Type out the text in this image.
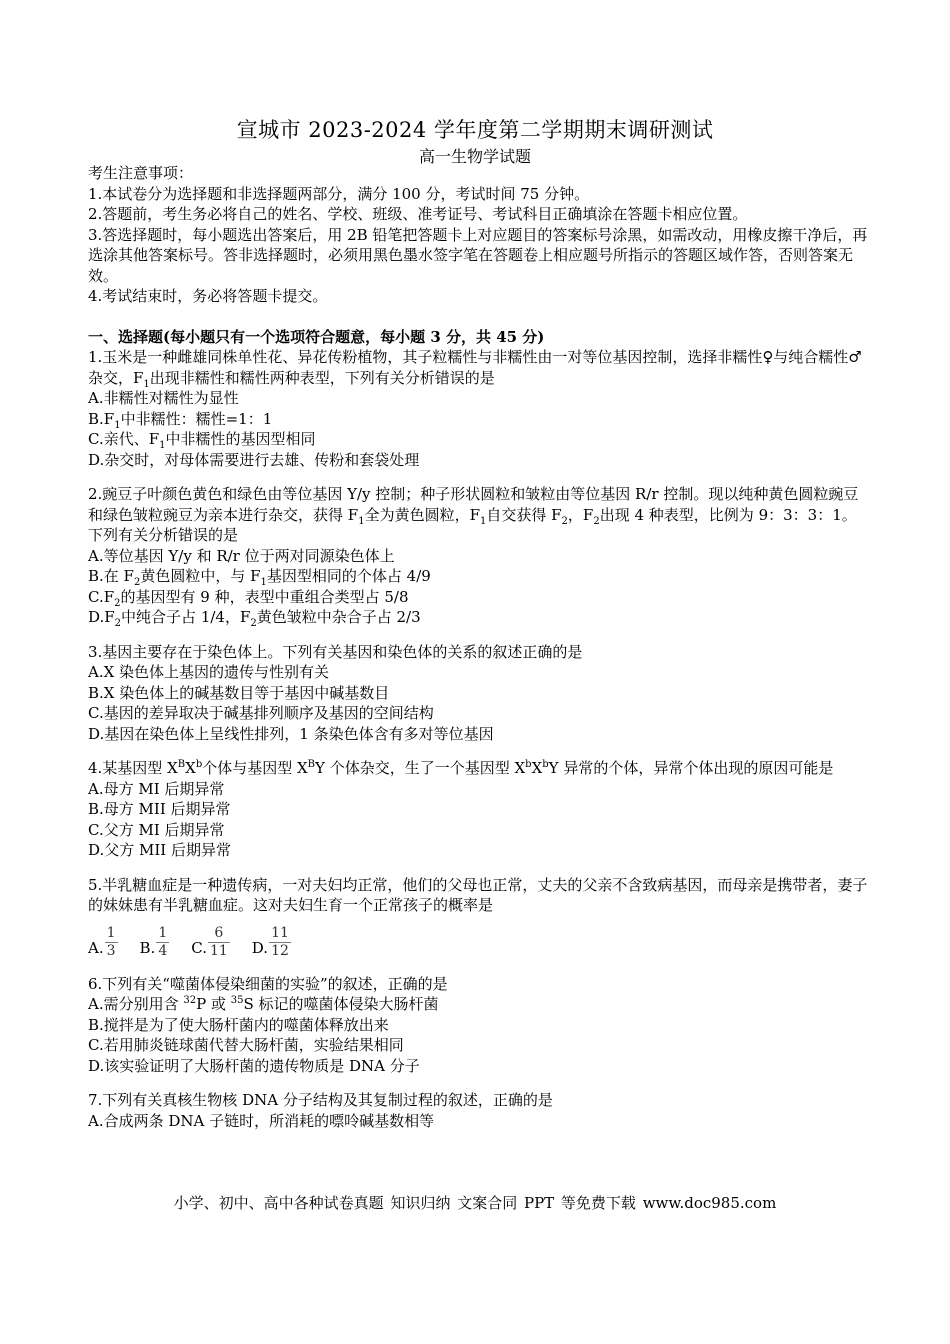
宣城市 2023-2024 学年度第二学期期末调研测试
高一生物学试题
考生注意事项：
1.本试卷分为选择题和非选择题两部分，满分 100 分，考试时间 75 分钟。
2.答题前，考生务必将自己的姓名、学校、班级、准考证号、考试科目正确填涂在答题卡相应位置。
3.答选择题时，每小题选出答案后，用 2B 铅笔把答题卡上对应题目的答案标号涂黑，如需改动，用橡皮擦干净后，再选涂其他答案标号。答非选择题时，必须用黑色墨水签字笔在答题卷上相应题号所指示的答题区域作答，否则答案无效。
4.考试结束时，务必将答题卡提交。
一、选择题(每小题只有一个选项符合题意，每小题 3 分，共 45 分)
1.玉米是一种雌雄同株单性花、异花传粉植物，其子粒糯性与非糯性由一对等位基因控制，选择非糯性♀与纯合糯性♂杂交，$F_1$出现非糯性和糯性两种表型，下列有关分析错误的是
A.非糯性对糯性为显性
$B.F_1$中非糯性：糯性=1：1
C.亲代、$F_1$中非糯性的基因型相同
D.杂交时，对母体需要进行去雄、传粉和套袋处理
2.豌豆子叶颜色黄色和绿色由等位基因 Y/y 控制；种子形状圆粒和皱粒由等位基因 R/r 控制。现以纯种黄色圆粒豌豆和绿色皱粒豌豆为亲本进行杂交，获得 $F_1$全为黄色圆粒，$F_1$自交获得 $F_2$，$F_2$出现 4 种表型，比例为 9：3：3：1。下列有关分析错误的是
A.等位基因 Y/y 和 R/r 位于两对同源染色体上
B.在 $F_2$黄色圆粒中，与 $F_1$基因型相同的个体占 4/9
$C.F_2$的基因型有 9 种，表型中重组合类型占 5/8
$D.F_2$中纯合子占 1/4，$F_2$黄色皱粒中杂合子占 2/3
3.基因主要存在于染色体上。下列有关基因和染色体的关系的叙述正确的是
A.X 染色体上基因的遗传与性别有关
B.X 染色体上的碱基数目等于基因中碱基数目
C.基因的差异取决于碱基排列顺序及基因的空间结构
D.基因在染色体上呈线性排列，1 条染色体含有多对等位基因
4.某基因型 $X^BX^b$个体与基因型 $X^BY$ 个体杂交，生了一个基因型 $X^bX^bY$ 异常的个体，异常个体出现的原因可能是
A.母方 MI 后期异常
B.母方 MII 后期异常
C.父方 MI 后期异常
D.父方 MII 后期异常
5.半乳糖血症是一种遗传病，一对夫妇均正常，他们的父母也正常，丈夫的父亲不含致病基因，而母亲是携带者，妻子的妹妹患有半乳糖血症。这对夫妇生育一个正常孩子的概率是
A. $\frac{1}{3} B$. $\frac{1}{4} C$. $\frac{6}{11} D$. $\frac{11}{12}$
6.下列有关“噬菌体侵染细菌的实验”的叙述，正确的是
A.需分别用含 $^{32}$P 或 $^{35}$S 标记的噬菌体侵染大肠杆菌
B.搅拌是为了使大肠杆菌内的噬菌体释放出来
C.若用肺炎链球菌代替大肠杆菌，实验结果相同
D.该实验证明了大肠杆菌的遗传物质是 DNA 分子
7.下列有关真核生物核 DNA 分子结构及其复制过程的叙述，正确的是
A.合成两条 DNA 子链时，所消耗的嘌呤碱基数相等
小学、初中、高中各种试卷真题 知识归纳 文案合同 PPT 等免费下载 www.doc985.com
